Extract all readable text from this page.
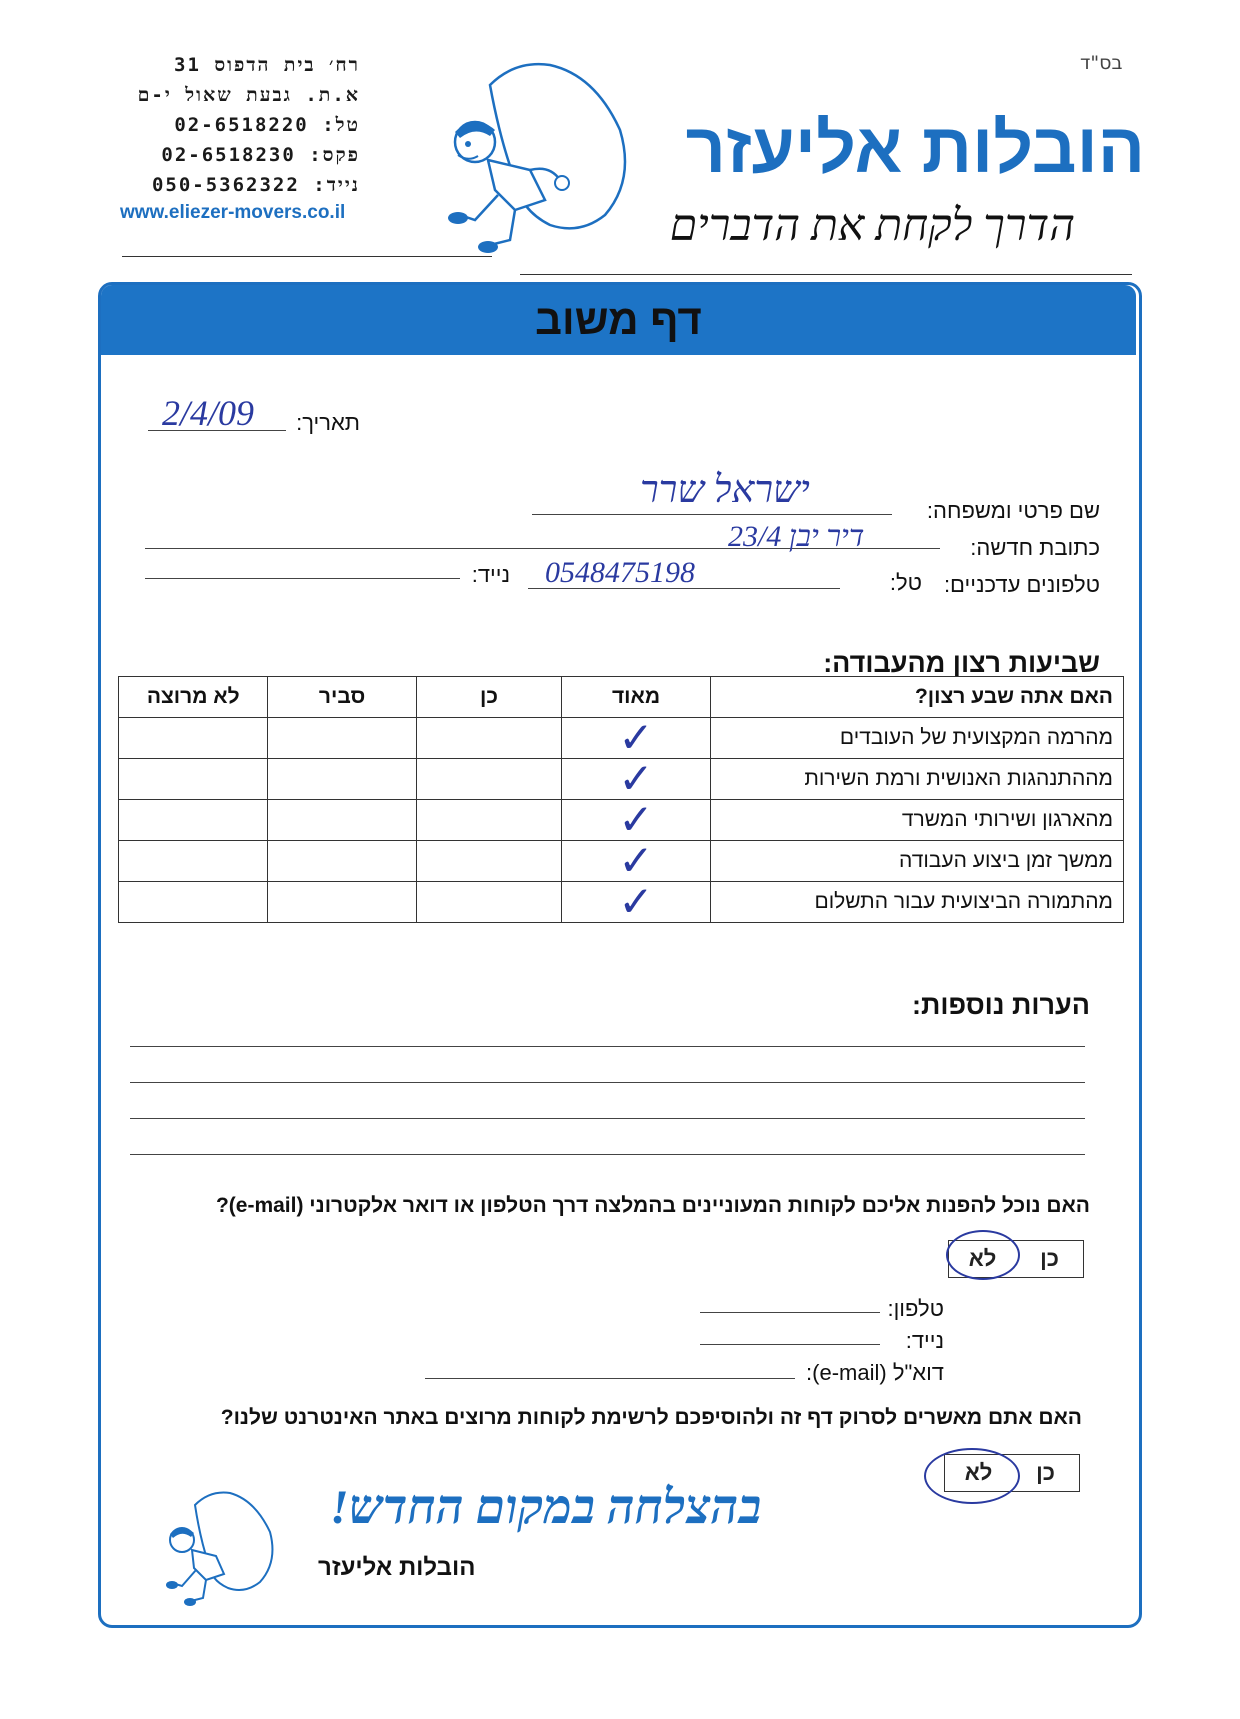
בס"ד
רח׳ בית הדפוס 31
א.ת. גבעת שאול י-ם
טל: 02-6518220
פקס: 02-6518230
נייד: 050-5362322
www.eliezer-movers.co.il
הובלות אליעזר
הדרך לקחת את הדברים
דף משוב
תאריך:
2/4/09
שם פרטי ומשפחה:
ישראל שרר
כתובת חדשה:
דיר יבן 23/4
טלפונים עדכניים:
טל:
נייד: 0548475198
שביעות רצון מהעבודה:
האם אתה שבע רצון?	מאוד	כן	סביר	לא מרוצה
מהרמה המקצועית של העובדים	✓			
מההתנהגות האנושית ורמת השירות	✓			
מהארגון ושירותי המשרד	✓			
ממשך זמן ביצוע העבודה	✓			
מהתמורה הביצועית עבור התשלום	✓			
הערות נוספות:
האם נוכל להפנות אליכם לקוחות המעוניינים בהמלצה דרך הטלפון או דואר אלקטרוני (e-mail)?
כן
לא
טלפון:
נייד:
דוא"ל (e-mail):
האם אתם מאשרים לסרוק דף זה ולהוסיפכם לרשימת לקוחות מרוצים באתר האינטרנט שלנו?
כן
לא
בהצלחה במקום החדש!
הובלות אליעזר
